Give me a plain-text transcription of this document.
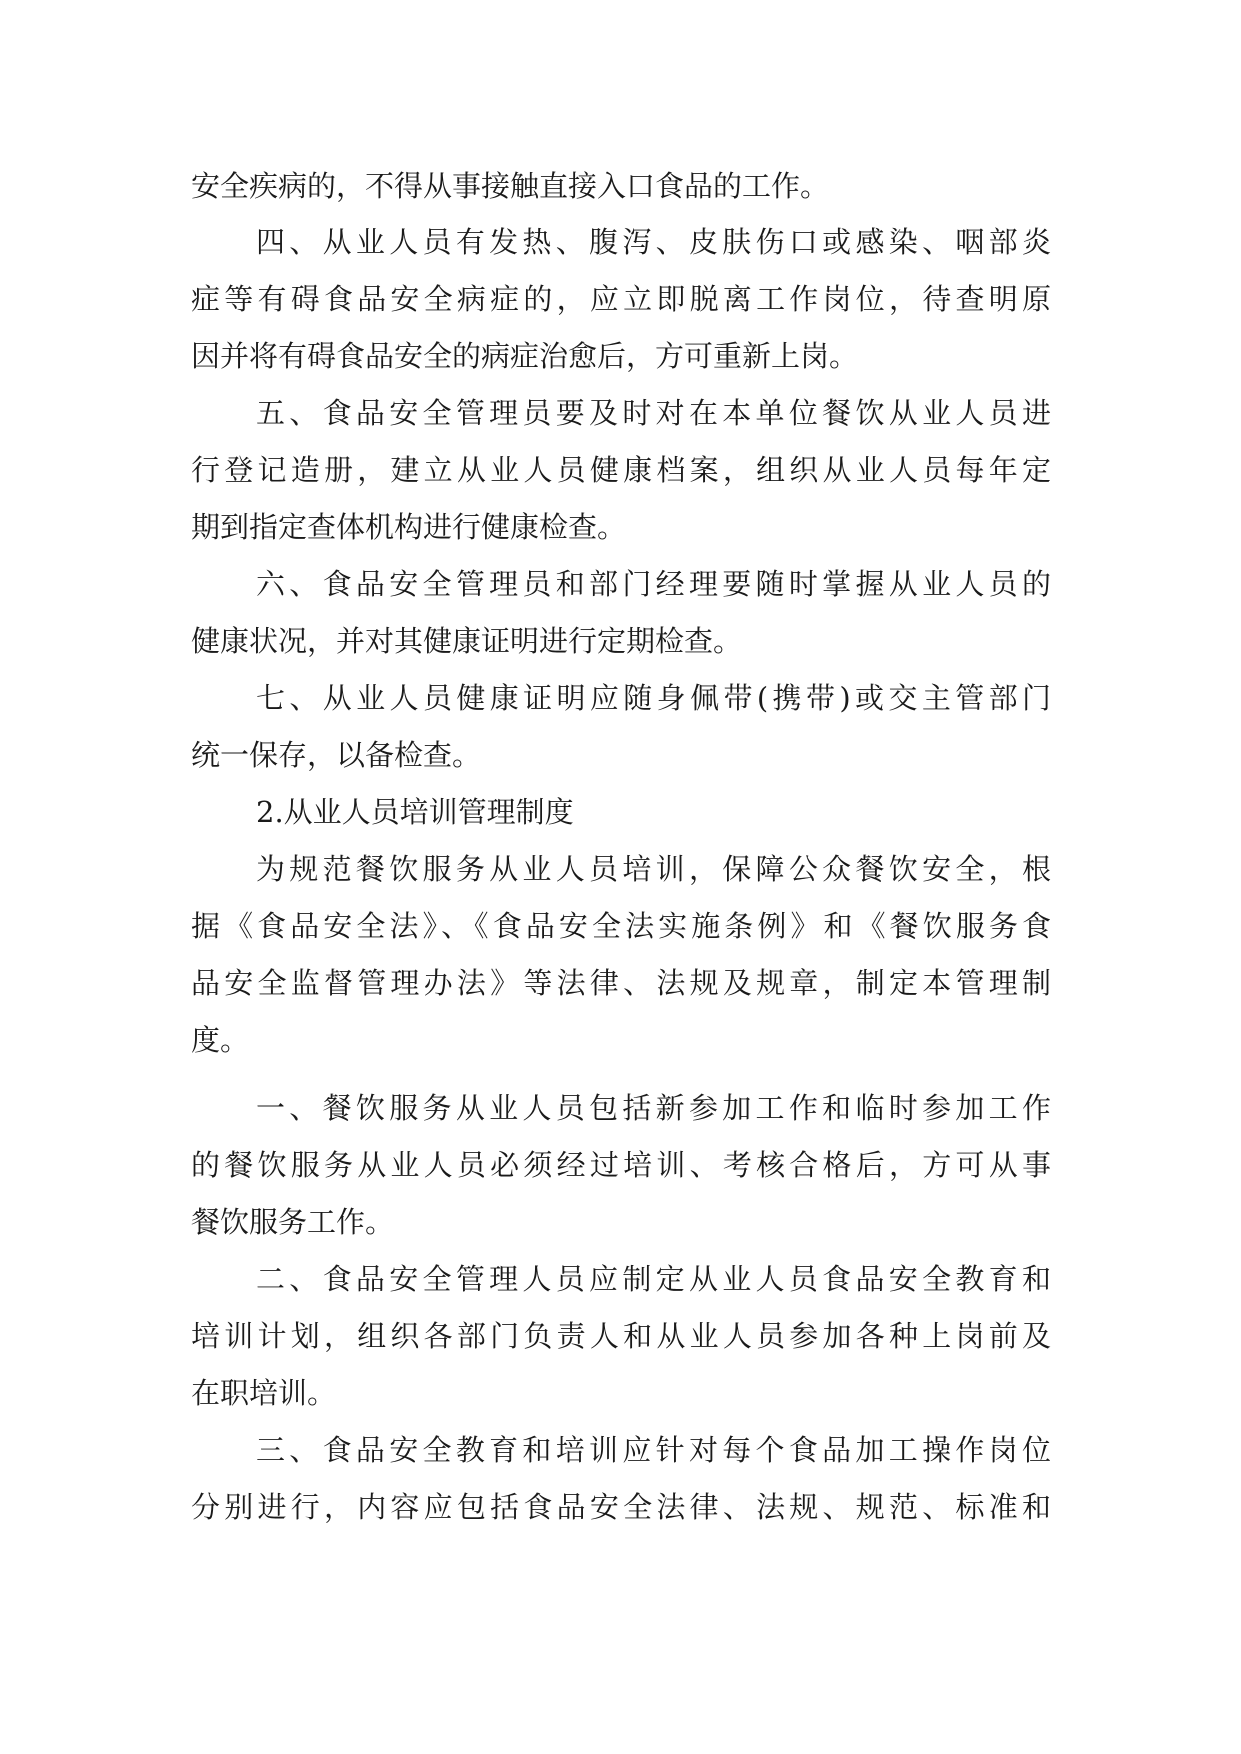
安全疾病的，不得从事接触直接入口食品的工作。
四、从业人员有发热、腹泻、皮肤伤口或感染、咽部炎
症等有碍食品安全病症的，应立即脱离工作岗位，待查明原
因并将有碍食品安全的病症治愈后，方可重新上岗。
五、食品安全管理员要及时对在本单位餐饮从业人员进
行登记造册，建立从业人员健康档案，组织从业人员每年定
期到指定查体机构进行健康检查。
六、食品安全管理员和部门经理要随时掌握从业人员的
健康状况，并对其健康证明进行定期检查。
七、从业人员健康证明应随身佩带(携带)或交主管部门
统一保存，以备检查。
2.从业人员培训管理制度
为规范餐饮服务从业人员培训，保障公众餐饮安全，根
据《食品安全法》、《食品安全法实施条例》和《餐饮服务食
品安全监督管理办法》等法律、法规及规章，制定本管理制
度。
一、餐饮服务从业人员包括新参加工作和临时参加工作
的餐饮服务从业人员必须经过培训、考核合格后，方可从事
餐饮服务工作。
二、食品安全管理人员应制定从业人员食品安全教育和
培训计划，组织各部门负责人和从业人员参加各种上岗前及
在职培训。
三、食品安全教育和培训应针对每个食品加工操作岗位
分别进行，内容应包括食品安全法律、法规、规范、标准和
